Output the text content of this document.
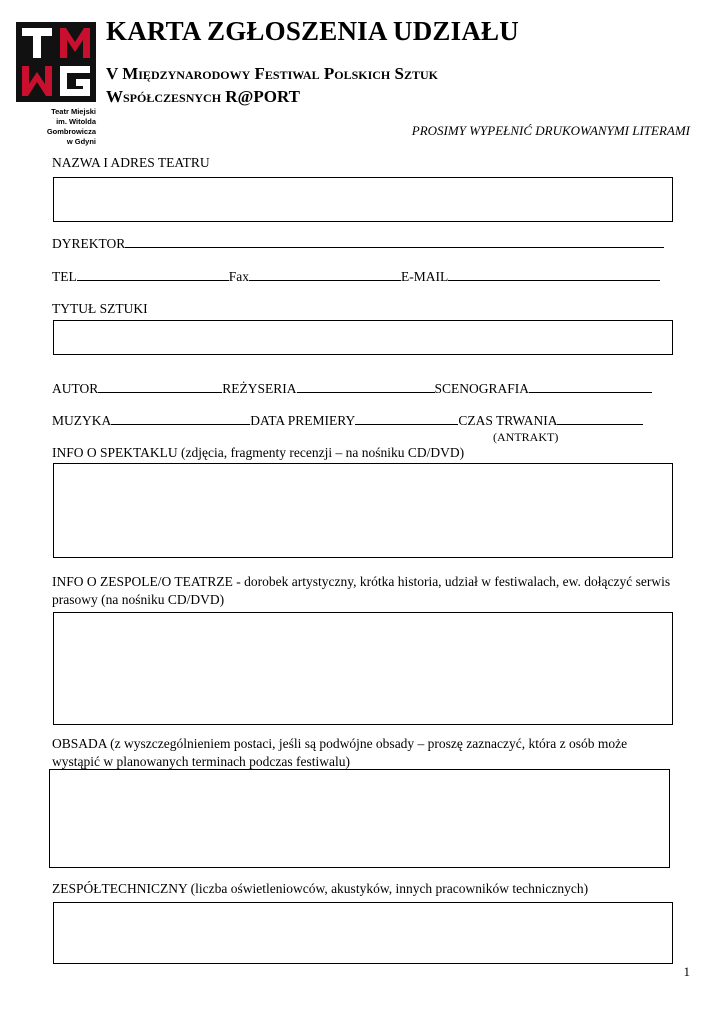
Teatr Miejski
im. Witolda Gombrowicza
w Gdyni
KARTA ZGŁOSZENIA UDZIAŁU
V Międzynarodowy Festiwal Polskich Sztuk
Współczesnych R@PORT
PROSIMY WYPEŁNIĆ DRUKOWANYMI LITERAMI
NAZWA I ADRES TEATRU
DYREKTOR
TEL	Fax	E-MAIL
TYTUŁ SZTUKI
AUTOR	REŻYSERIA	SCENOGRAFIA
MUZYKA	DATA PREMIERY	CZAS TRWANIA
(ANTRAKT)
INFO O SPEKTAKLU (zdjęcia, fragmenty recenzji – na nośniku CD/DVD)
INFO O ZESPOLE/O TEATRZE - dorobek artystyczny, krótka historia, udział w festiwalach, ew. dołączyć serwis prasowy (na nośniku CD/DVD)
OBSADA (z wyszczególnieniem postaci, jeśli są podwójne obsady – proszę zaznaczyć, która z osób może wystąpić w planowanych terminach podczas festiwalu)
ZESPÓŁTECHNICZNY (liczba oświetleniowców, akustyków, innych pracowników technicznych)
1
